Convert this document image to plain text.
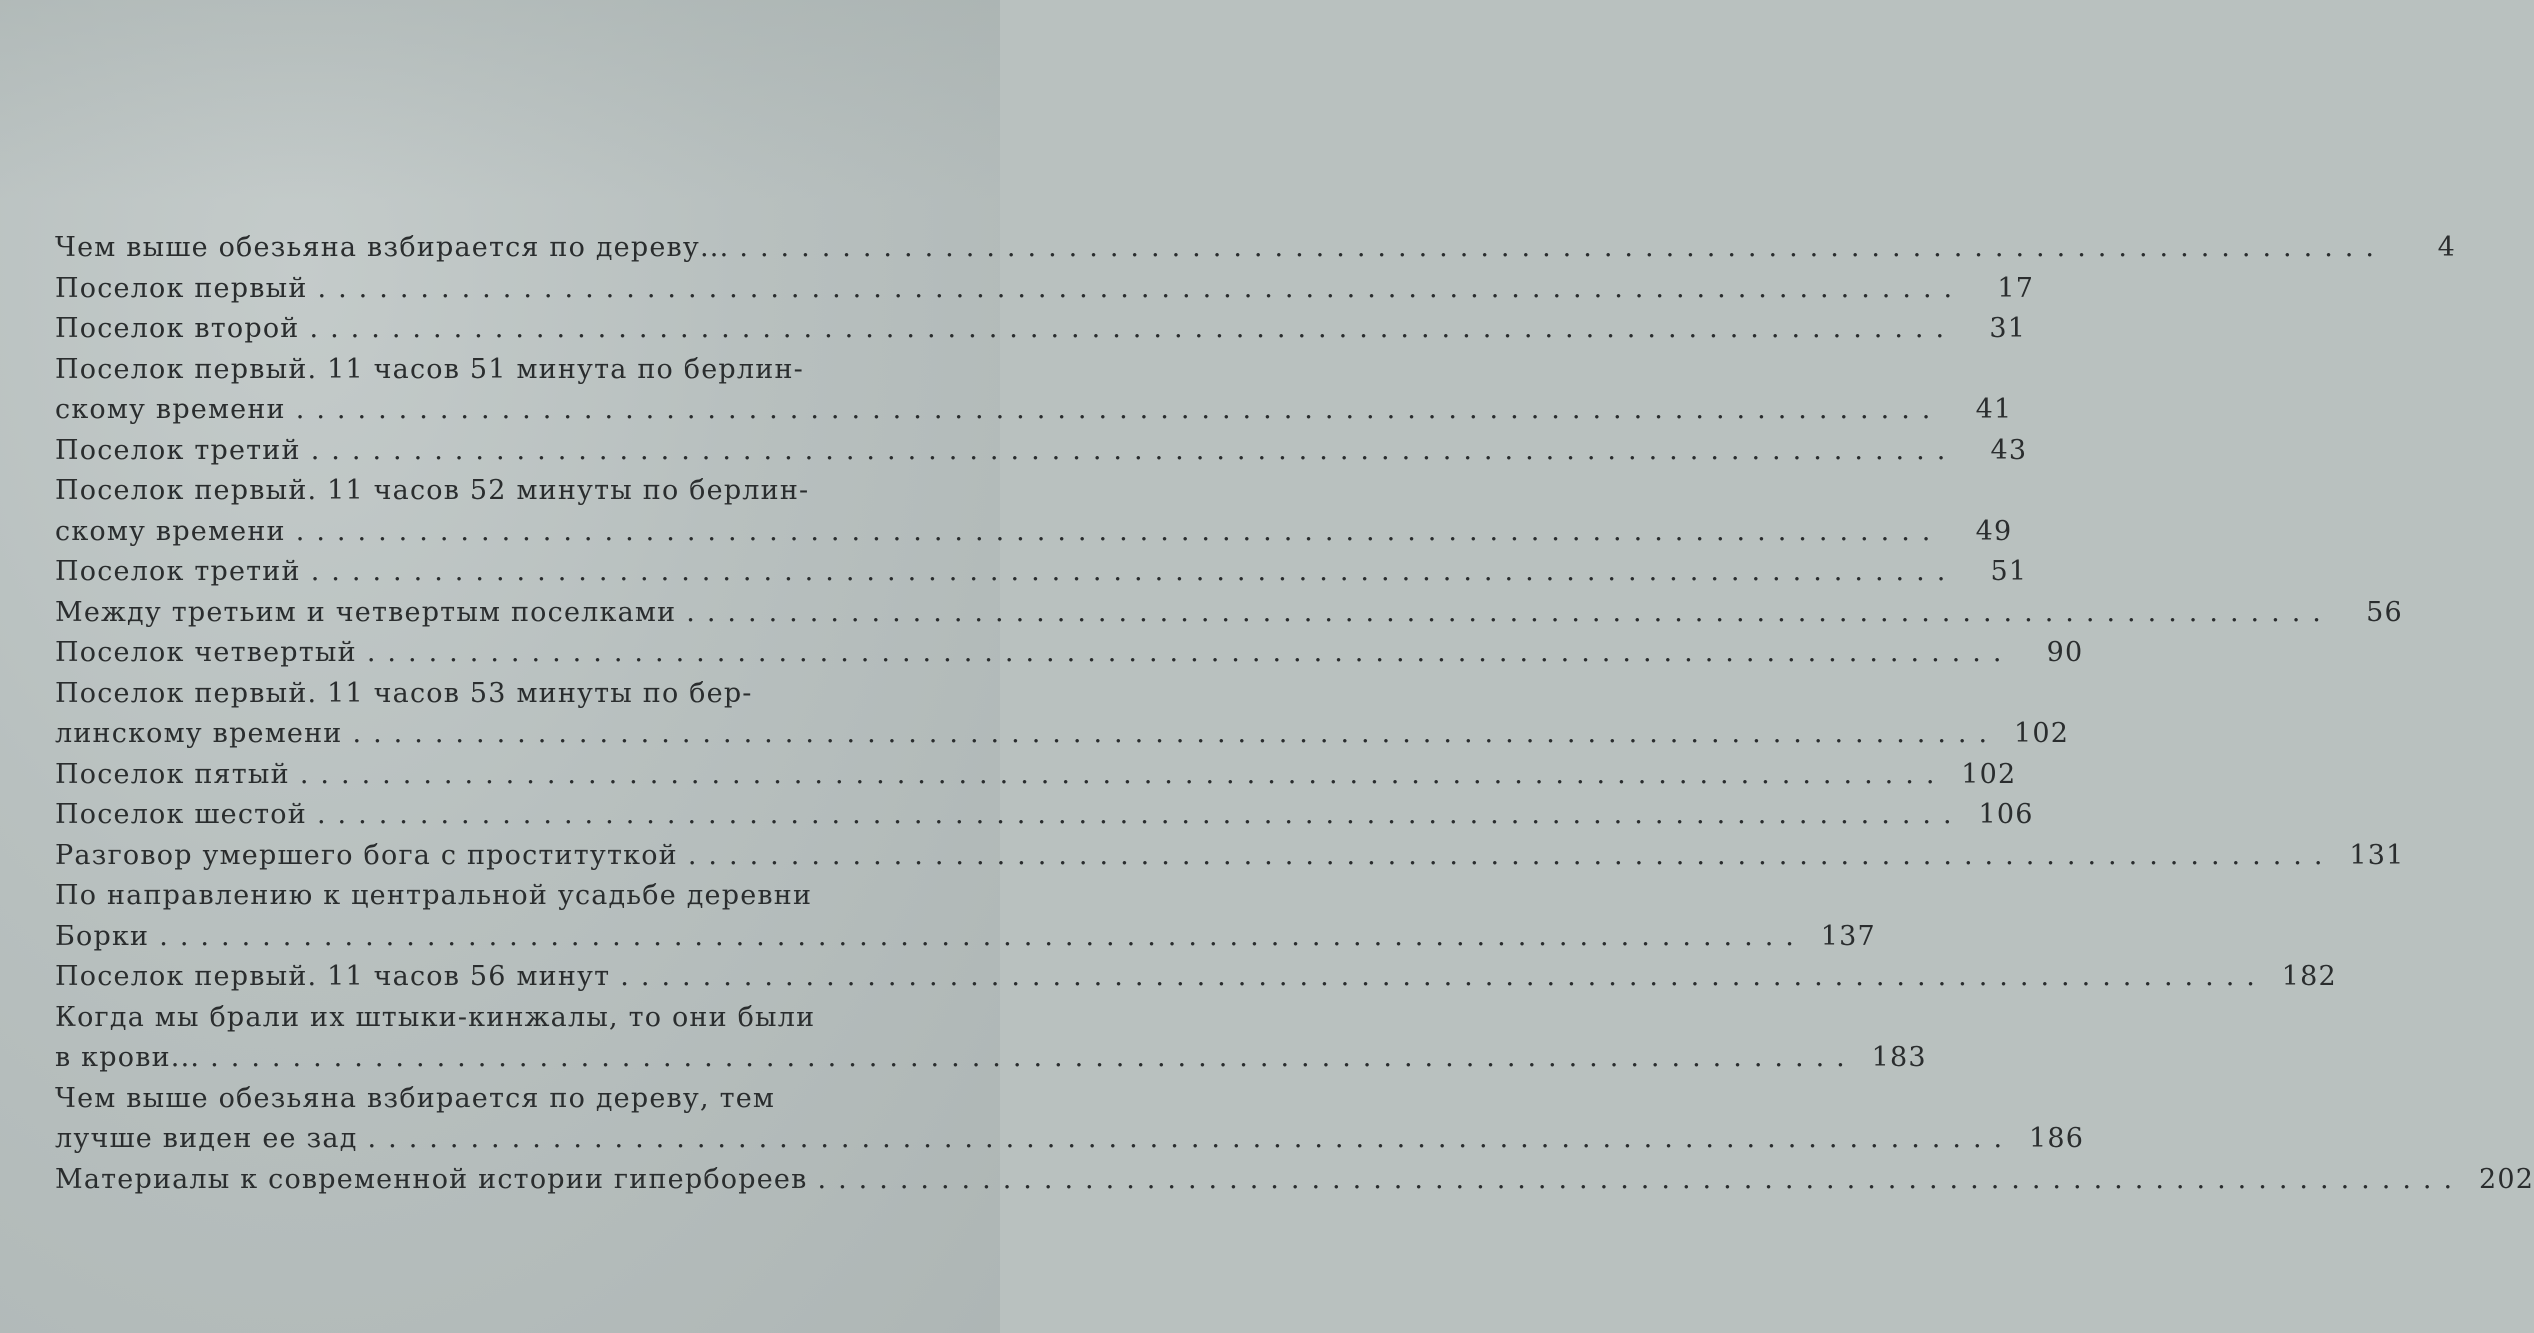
Чем выше обезьяна взбирается по дереву... ................................................................................	4
Поселок первый ................................................................................	17
Поселок второй ................................................................................	31
Поселок первый. 11 часов 51 минута по берлин-
скому времени ................................................................................	41
Поселок третий ................................................................................	43
Поселок первый. 11 часов 52 минуты по берлин-
скому времени ................................................................................	49
Поселок третий ................................................................................	51
Между третьим и четвертым поселками ................................................................................	56
Поселок четвертый ................................................................................	90
Поселок первый. 11 часов 53 минуты по бер-
линскому времени ................................................................................ 102
Поселок пятый ................................................................................ 102
Поселок шестой ................................................................................ 106
Разговор умершего бога с проституткой ................................................................................ 131
По направлению к центральной усадьбе деревни
Борки ................................................................................ 137
Поселок первый. 11 часов 56 минут ................................................................................ 182
Когда мы брали их штыки-кинжалы, то они были
в крови... ................................................................................ 183
Чем выше обезьяна взбирается по дереву, тем
лучше виден ее зад ................................................................................ 186
Материалы к современной истории гипербореев ................................................................................ 202
